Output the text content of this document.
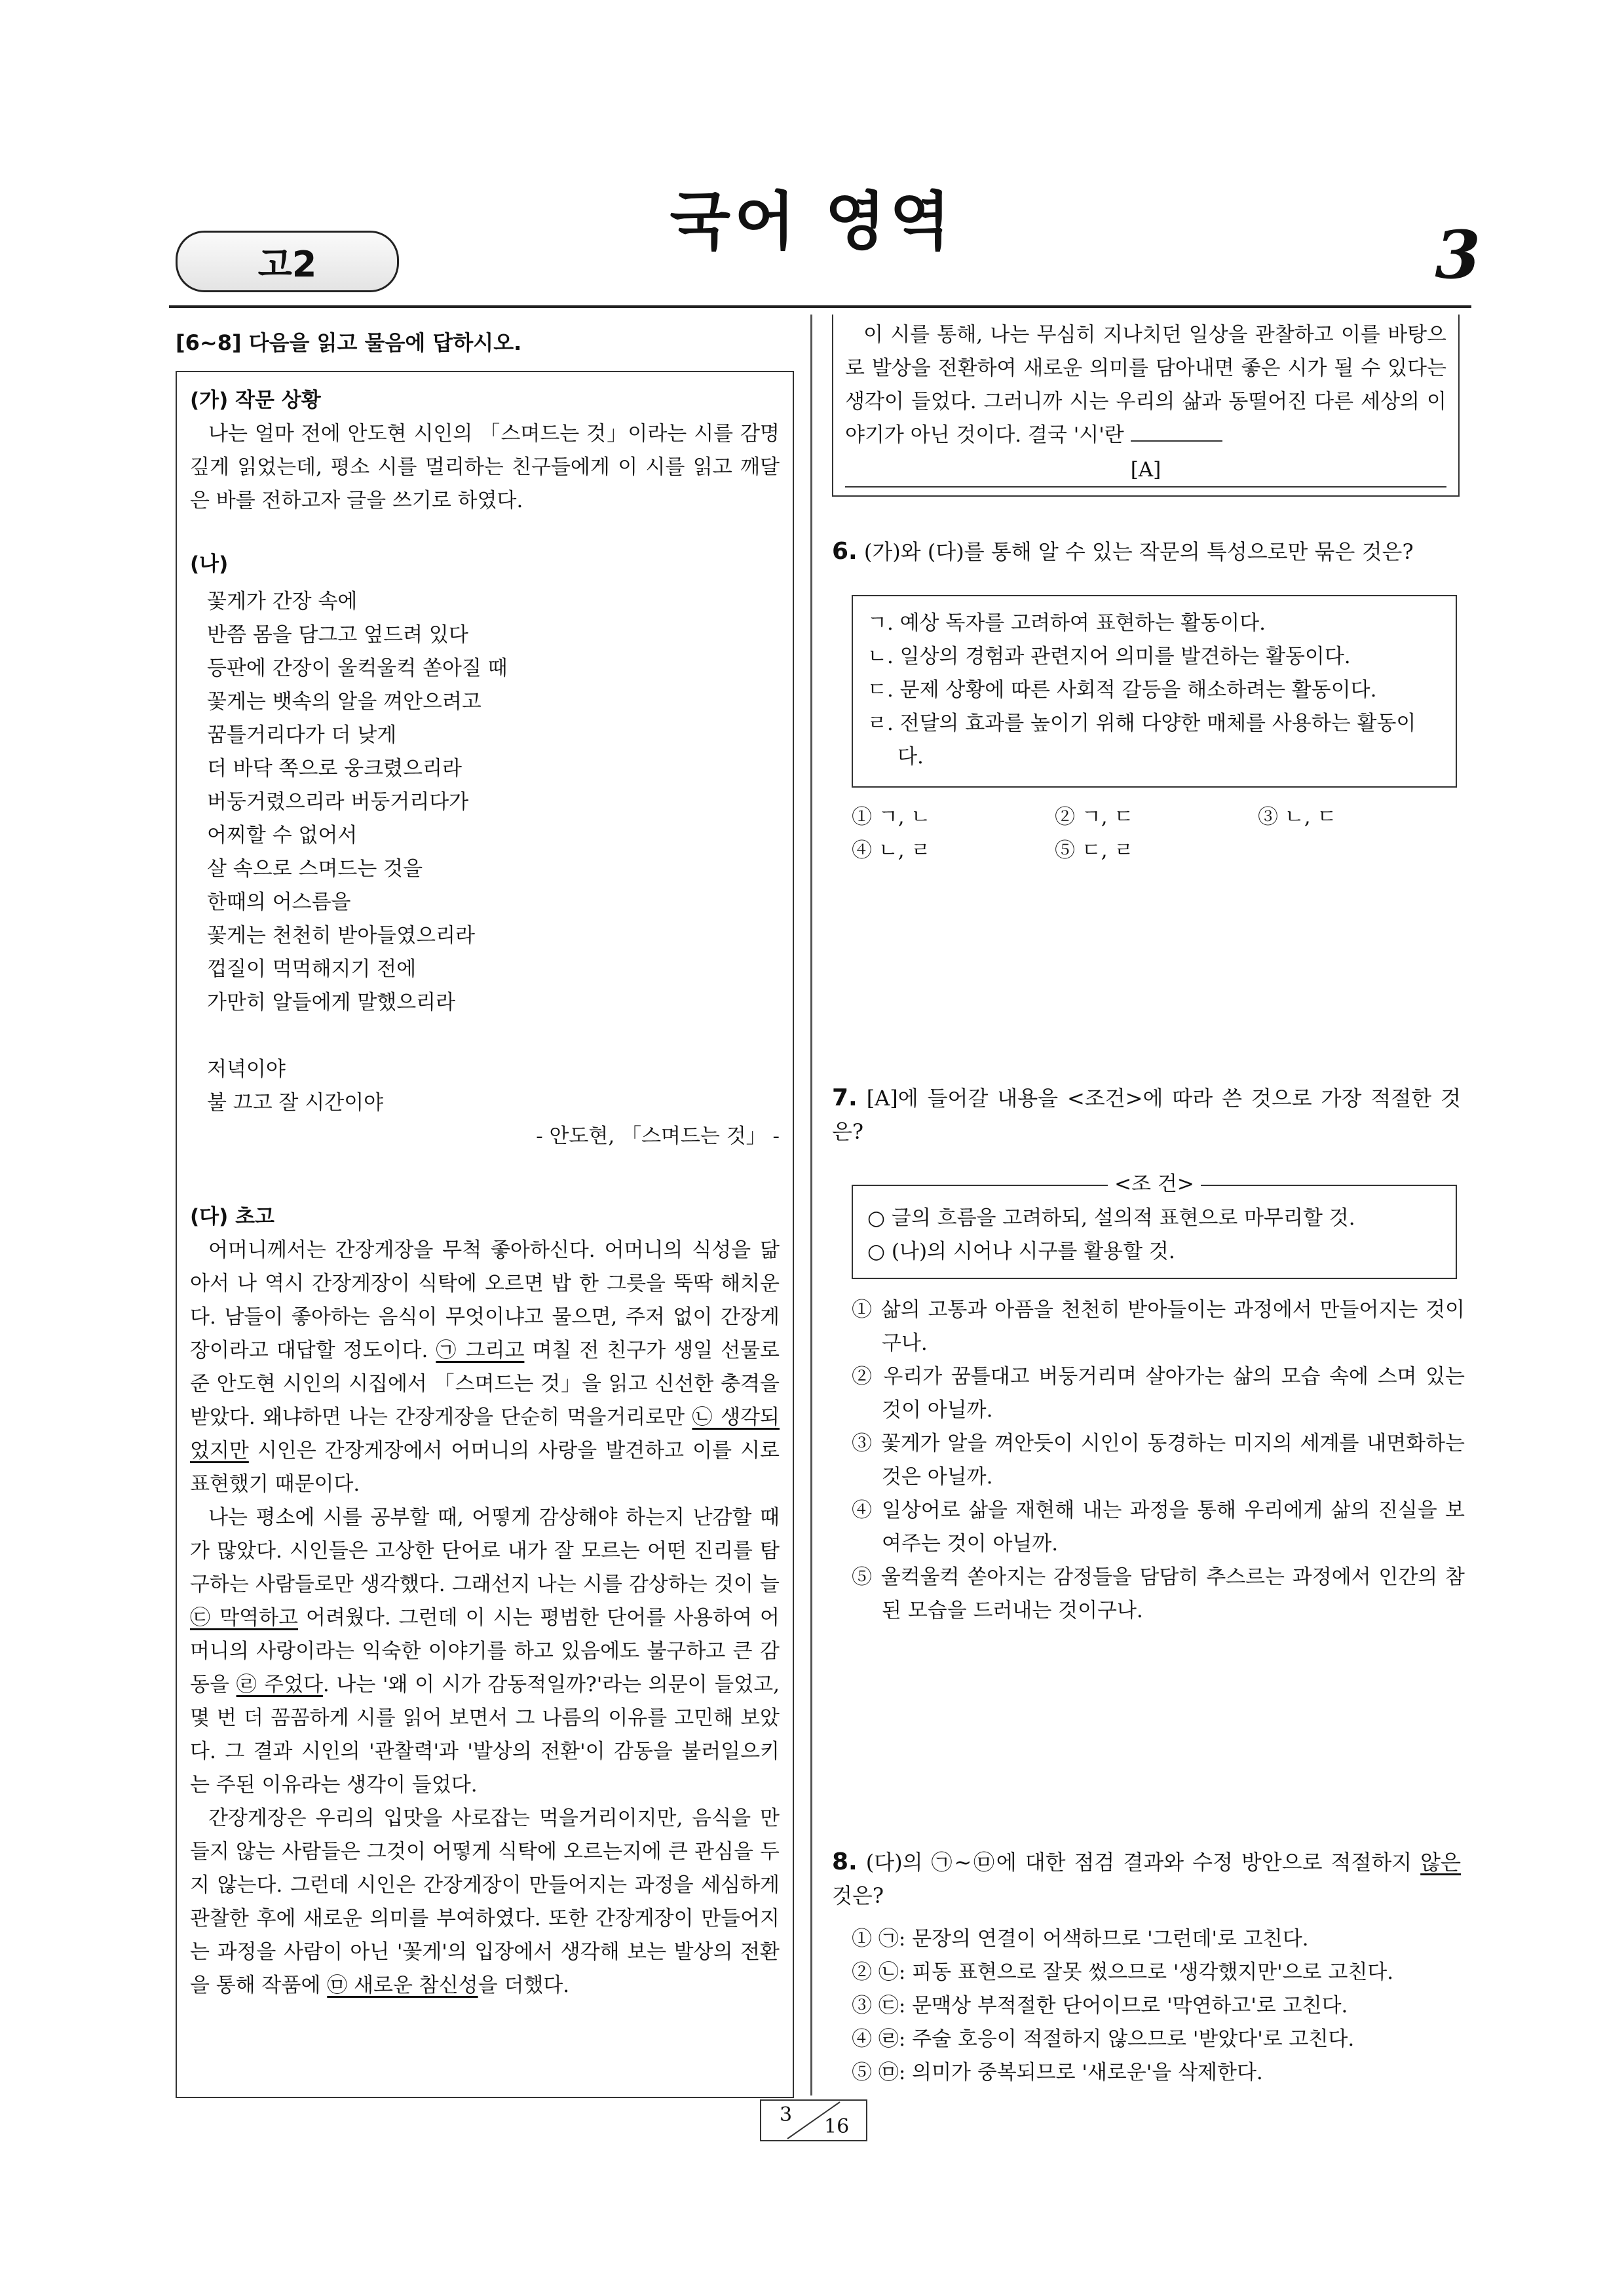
국어 영역
고2	3
[6~8] 다음을 읽고 물음에 답하시오.
(가) 작문 상황
나는 얼마 전에 안도현 시인의 「스며드는 것」이라는 시를 감명 깊게 읽었는데, 평소 시를 멀리하는 친구들에게 이 시를 읽고 깨달은 바를 전하고자 글을 쓰기로 하였다.
(나)
꽃게가 간장 속에
반쯤 몸을 담그고 엎드려 있다
등판에 간장이 울컥울컥 쏟아질 때
꽃게는 뱃속의 알을 껴안으려고
꿈틀거리다가 더 낮게
더 바닥 쪽으로 웅크렸으리라
버둥거렸으리라 버둥거리다가
어찌할 수 없어서
살 속으로 스며드는 것을
한때의 어스름을
꽃게는 천천히 받아들였으리라
껍질이 먹먹해지기 전에
가만히 알들에게 말했으리라
저녁이야
불 끄고 잘 시간이야
- 안도현, 「스며드는 것」 -
(다) 초고
어머니께서는 간장게장을 무척 좋아하신다. 어머니의 식성을 닮아서 나 역시 간장게장이 식탁에 오르면 밥 한 그릇을 뚝딱 해치운다. 남들이 좋아하는 음식이 무엇이냐고 물으면, 주저 없이 간장게장이라고 대답할 정도이다. ㉠ 그리고 며칠 전 친구가 생일 선물로 준 안도현 시인의 시집에서 「스며드는 것」을 읽고 신선한 충격을 받았다. 왜냐하면 나는 간장게장을 단순히 먹을거리로만 ㉡ 생각되었지만 시인은 간장게장에서 어머니의 사랑을 발견하고 이를 시로 표현했기 때문이다.
나는 평소에 시를 공부할 때, 어떻게 감상해야 하는지 난감할 때가 많았다. 시인들은 고상한 단어로 내가 잘 모르는 어떤 진리를 탐구하는 사람들로만 생각했다. 그래선지 나는 시를 감상하는 것이 늘 ㉢ 막역하고 어려웠다. 그런데 이 시는 평범한 단어를 사용하여 어머니의 사랑이라는 익숙한 이야기를 하고 있음에도 불구하고 큰 감동을 ㉣ 주었다. 나는 '왜 이 시가 감동적일까?'라는 의문이 들었고, 몇 번 더 꼼꼼하게 시를 읽어 보면서 그 나름의 이유를 고민해 보았다. 그 결과 시인의 '관찰력'과 '발상의 전환'이 감동을 불러일으키는 주된 이유라는 생각이 들었다.
간장게장은 우리의 입맛을 사로잡는 먹을거리이지만, 음식을 만들지 않는 사람들은 그것이 어떻게 식탁에 오르는지에 큰 관심을 두지 않는다. 그런데 시인은 간장게장이 만들어지는 과정을 세심하게 관찰한 후에 새로운 의미를 부여하였다. 또한 간장게장이 만들어지는 과정을 사람이 아닌 '꽃게'의 입장에서 생각해 보는 발상의 전환을 통해 작품에 ㉤ 새로운 참신성을 더했다.
이 시를 통해, 나는 무심히 지나치던 일상을 관찰하고 이를 바탕으로 발상을 전환하여 새로운 의미를 담아내면 좋은 시가 될 수 있다는 생각이 들었다. 그러니까 시는 우리의 삶과 동떨어진 다른 세상의 이야기가 아닌 것이다. 결국 '시'란
[A]
6. (가)와 (다)를 통해 알 수 있는 작문의 특성으로만 묶은 것은?
ㄱ. 예상 독자를 고려하여 표현하는 활동이다.
ㄴ. 일상의 경험과 관련지어 의미를 발견하는 활동이다.
ㄷ. 문제 상황에 따른 사회적 갈등을 해소하려는 활동이다.
ㄹ. 전달의 효과를 높이기 위해 다양한 매체를 사용하는 활동이다.
① ㄱ, ㄴ	② ㄱ, ㄷ	③ ㄴ, ㄷ
④ ㄴ, ㄹ	⑤ ㄷ, ㄹ
7. [A]에 들어갈 내용을 <조건>에 따라 쓴 것으로 가장 적절한 것은?
<조 건>
○ 글의 흐름을 고려하되, 설의적 표현으로 마무리할 것.
○ (나)의 시어나 시구를 활용할 것.
① 삶의 고통과 아픔을 천천히 받아들이는 과정에서 만들어지는 것이구나.
② 우리가 꿈틀대고 버둥거리며 살아가는 삶의 모습 속에 스며 있는 것이 아닐까.
③ 꽃게가 알을 껴안듯이 시인이 동경하는 미지의 세계를 내면화하는 것은 아닐까.
④ 일상어로 삶을 재현해 내는 과정을 통해 우리에게 삶의 진실을 보여주는 것이 아닐까.
⑤ 울컥울컥 쏟아지는 감정들을 담담히 추스르는 과정에서 인간의 참된 모습을 드러내는 것이구나.
8. (다)의 ㉠~㉤에 대한 점검 결과와 수정 방안으로 적절하지 않은 것은?
① ㉠: 문장의 연결이 어색하므로 '그런데'로 고친다.
② ㉡: 피동 표현으로 잘못 썼으므로 '생각했지만'으로 고친다.
③ ㉢: 문맥상 부적절한 단어이므로 '막연하고'로 고친다.
④ ㉣: 주술 호응이 적절하지 않으므로 '받았다'로 고친다.
⑤ ㉤: 의미가 중복되므로 '새로운'을 삭제한다.
3
16
